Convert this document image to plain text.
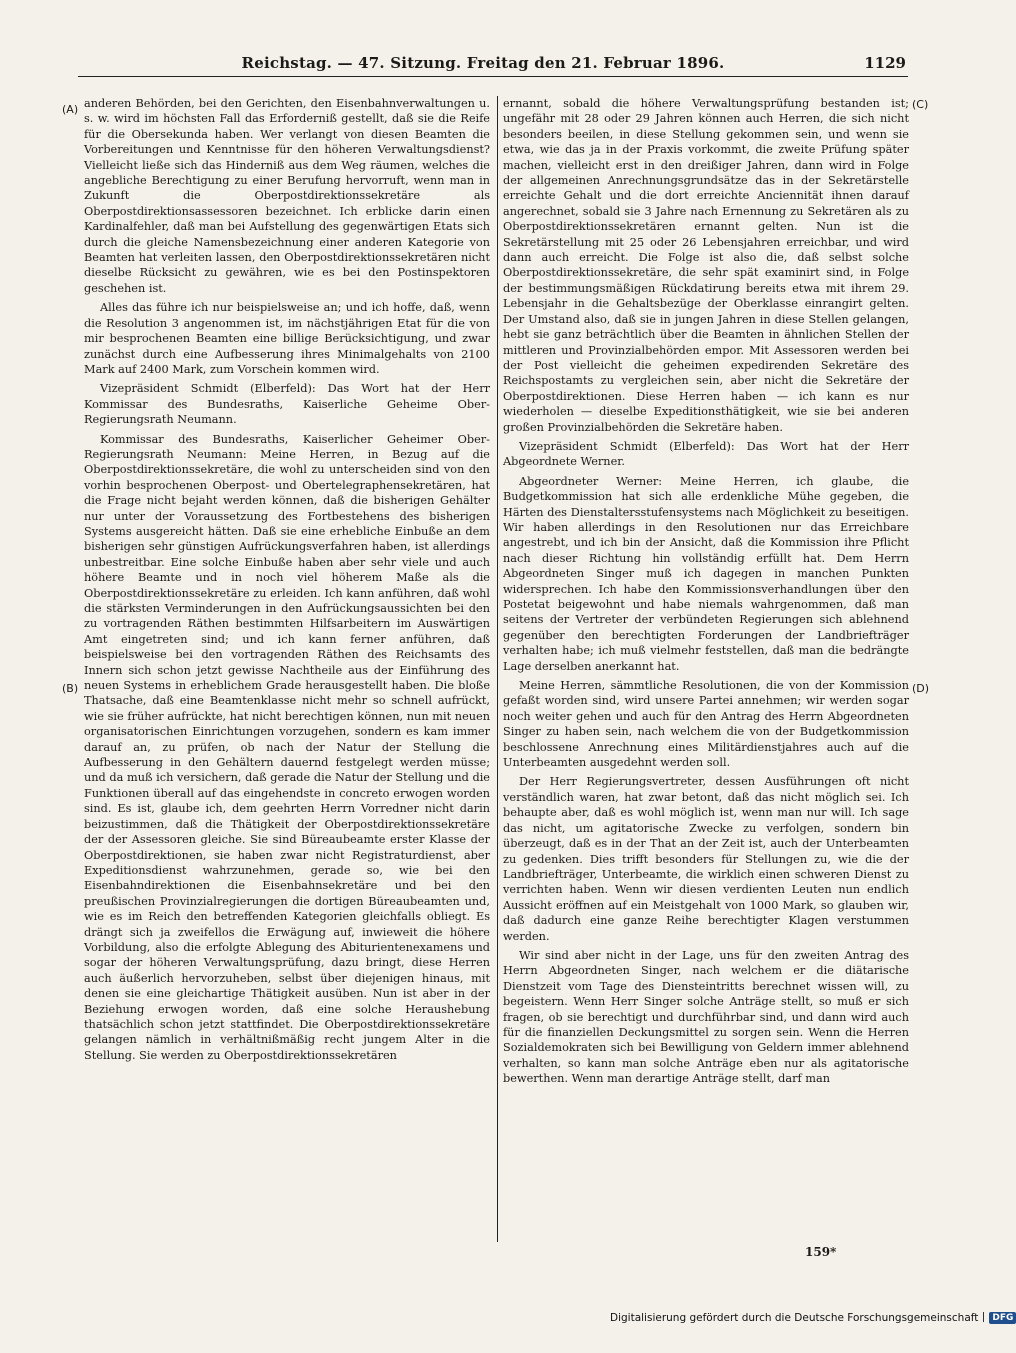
Reichstag. — 47. Sitzung. Freitag den 21. Februar 1896.	1129
(A)
(B)
(C)
(D)

anderen Behörden, bei den Gerichten, den Eisenbahnverwaltungen u. s. w. wird im höchsten Fall das Erforderniß gestellt, daß sie die Reife für die Obersekunda haben. Wer verlangt von diesen Beamten die Vorbereitungen und Kenntnisse für den höheren Verwaltungsdienst? Vielleicht ließe sich das Hinderniß aus dem Weg räumen, welches die angebliche Berechtigung zu einer Berufung hervorruft, wenn man in Zukunft die Oberpostdirektionssekretäre als Oberpostdirektionsassessoren bezeichnet. Ich erblicke darin einen Kardinalfehler, daß man bei Aufstellung des gegenwärtigen Etats sich durch die gleiche Namensbezeichnung einer anderen Kategorie von Beamten hat verleiten lassen, den Oberpostdirektionssekretären nicht dieselbe Rücksicht zu gewähren, wie es bei den Postinspektoren geschehen ist.

Alles das führe ich nur beispielsweise an; und ich hoffe, daß, wenn die Resolution 3 angenommen ist, im nächstjährigen Etat für die von mir besprochenen Beamten eine billige Berücksichtigung, und zwar zunächst durch eine Aufbesserung ihres Minimalgehalts von 2100 Mark auf 2400 Mark, zum Vorschein kommen wird.

Vizepräsident Schmidt (Elberfeld): Das Wort hat der Herr Kommissar des Bundesraths, Kaiserliche Geheime Ober-Regierungsrath Neumann.

Kommissar des Bundesraths, Kaiserlicher Geheimer Ober-Regierungsrath Neumann: Meine Herren, in Bezug auf die Oberpostdirektionssekretäre, die wohl zu unterscheiden sind von den vorhin besprochenen Oberpost- und Obertelegraphensekretären, hat die Frage nicht bejaht werden können, daß die bisherigen Gehälter nur unter der Voraussetzung des Fortbestehens des bisherigen Systems ausgereicht hätten. Daß sie eine erhebliche Einbuße an dem bisherigen sehr günstigen Aufrückungsverfahren haben, ist allerdings unbestreitbar. Eine solche Einbuße haben aber sehr viele und auch höhere Beamte und in noch viel höherem Maße als die Oberpostdirektionssekretäre zu erleiden. Ich kann anführen, daß wohl die stärksten Verminderungen in den Aufrückungsaussichten bei den zu vortragenden Räthen bestimmten Hilfsarbeitern im Auswärtigen Amt eingetreten sind; und ich kann ferner anführen, daß beispielsweise bei den vortragenden Räthen des Reichsamts des Innern sich schon jetzt gewisse Nachtheile aus der Einführung des neuen Systems in erheblichem Grade herausgestellt haben. Die bloße Thatsache, daß eine Beamtenklasse nicht mehr so schnell aufrückt, wie sie früher aufrückte, hat nicht berechtigen können, nun mit neuen organisatorischen Einrichtungen vorzugehen, sondern es kam immer darauf an, zu prüfen, ob nach der Natur der Stellung die Aufbesserung in den Gehältern dauernd festgelegt werden müsse; und da muß ich versichern, daß gerade die Natur der Stellung und die Funktionen überall auf das eingehendste in concreto erwogen worden sind. Es ist, glaube ich, dem geehrten Herrn Vorredner nicht darin beizustimmen, daß die Thätigkeit der Oberpostdirektionssekretäre der der Assessoren gleiche. Sie sind Büreaubeamte erster Klasse der Oberpostdirektionen, sie haben zwar nicht Registraturdienst, aber Expeditionsdienst wahrzunehmen, gerade so, wie bei den Eisenbahndirektionen die Eisenbahnsekretäre und bei den preußischen Provinzialregierungen die dortigen Büreaubeamten und, wie es im Reich den betreffenden Kategorien gleichfalls obliegt. Es drängt sich ja zweifellos die Erwägung auf, inwieweit die höhere Vorbildung, also die erfolgte Ablegung des Abiturientenexamens und sogar der höheren Verwaltungsprüfung, dazu bringt, diese Herren auch äußerlich hervorzuheben, selbst über diejenigen hinaus, mit denen sie eine gleichartige Thätigkeit ausüben. Nun ist aber in der Beziehung erwogen worden, daß eine solche Heraushebung thatsächlich schon jetzt stattfindet. Die Oberpostdirektionssekretäre gelangen nämlich in verhältnißmäßig recht jungem Alter in die Stellung. Sie werden zu Oberpostdirektionssekretären

ernannt, sobald die höhere Verwaltungsprüfung bestanden ist; ungefähr mit 28 oder 29 Jahren können auch Herren, die sich nicht besonders beeilen, in diese Stellung gekommen sein, und wenn sie etwa, wie das ja in der Praxis vorkommt, die zweite Prüfung später machen, vielleicht erst in den dreißiger Jahren, dann wird in Folge der allgemeinen Anrechnungsgrundsätze das in der Sekretärstelle erreichte Gehalt und die dort erreichte Anciennität ihnen darauf angerechnet, sobald sie 3 Jahre nach Ernennung zu Sekretären als zu Oberpostdirektionssekretären ernannt gelten. Nun ist die Sekretärstellung mit 25 oder 26 Lebensjahren erreichbar, und wird dann auch erreicht. Die Folge ist also die, daß selbst solche Oberpostdirektionssekretäre, die sehr spät examinirt sind, in Folge der bestimmungsmäßigen Rückdatirung bereits etwa mit ihrem 29. Lebensjahr in die Gehaltsbezüge der Oberklasse einrangirt gelten. Der Umstand also, daß sie in jungen Jahren in diese Stellen gelangen, hebt sie ganz beträchtlich über die Beamten in ähnlichen Stellen der mittleren und Provinzialbehörden empor. Mit Assessoren werden bei der Post vielleicht die geheimen expedirenden Sekretäre des Reichspostamts zu vergleichen sein, aber nicht die Sekretäre der Oberpostdirektionen. Diese Herren haben — ich kann es nur wiederholen — dieselbe Expeditionsthätigkeit, wie sie bei anderen großen Provinzialbehörden die Sekretäre haben.

Vizepräsident Schmidt (Elberfeld): Das Wort hat der Herr Abgeordnete Werner.

Abgeordneter Werner: Meine Herren, ich glaube, die Budgetkommission hat sich alle erdenkliche Mühe gegeben, die Härten des Dienstaltersstufensystems nach Möglichkeit zu beseitigen. Wir haben allerdings in den Resolutionen nur das Erreichbare angestrebt, und ich bin der Ansicht, daß die Kommission ihre Pflicht nach dieser Richtung hin vollständig erfüllt hat. Dem Herrn Abgeordneten Singer muß ich dagegen in manchen Punkten widersprechen. Ich habe den Kommissionsverhandlungen über den Postetat beigewohnt und habe niemals wahrgenommen, daß man seitens der Vertreter der verbündeten Regierungen sich ablehnend gegenüber den berechtigten Forderungen der Landbriefträger verhalten habe; ich muß vielmehr feststellen, daß man die bedrängte Lage derselben anerkannt hat.

Meine Herren, sämmtliche Resolutionen, die von der Kommission gefaßt worden sind, wird unsere Partei annehmen; wir werden sogar noch weiter gehen und auch für den Antrag des Herrn Abgeordneten Singer zu haben sein, nach welchem die von der Budgetkommission beschlossene Anrechnung eines Militärdienstjahres auch auf die Unterbeamten ausgedehnt werden soll.

Der Herr Regierungsvertreter, dessen Ausführungen oft nicht verständlich waren, hat zwar betont, daß das nicht möglich sei. Ich behaupte aber, daß es wohl möglich ist, wenn man nur will. Ich sage das nicht, um agitatorische Zwecke zu verfolgen, sondern bin überzeugt, daß es in der That an der Zeit ist, auch der Unterbeamten zu gedenken. Dies trifft besonders für Stellungen zu, wie die der Landbriefträger, Unterbeamte, die wirklich einen schweren Dienst zu verrichten haben. Wenn wir diesen verdienten Leuten nun endlich Aussicht eröffnen auf ein Meistgehalt von 1000 Mark, so glauben wir, daß dadurch eine ganze Reihe berechtigter Klagen verstummen werden.

Wir sind aber nicht in der Lage, uns für den zweiten Antrag des Herrn Abgeordneten Singer, nach welchem er die diätarische Dienstzeit vom Tage des Diensteintritts berechnet wissen will, zu begeistern. Wenn Herr Singer solche Anträge stellt, so muß er sich fragen, ob sie berechtigt und durchführbar sind, und dann wird auch für die finanziellen Deckungsmittel zu sorgen sein. Wenn die Herren Sozialdemokraten sich bei Bewilligung von Geldern immer ablehnend verhalten, so kann man solche Anträge eben nur als agitatorische bewerthen. Wenn man derartige Anträge stellt, darf man

159*
Digitalisierung gefördert durch die Deutsche Forschungsgemeinschaft DFG
